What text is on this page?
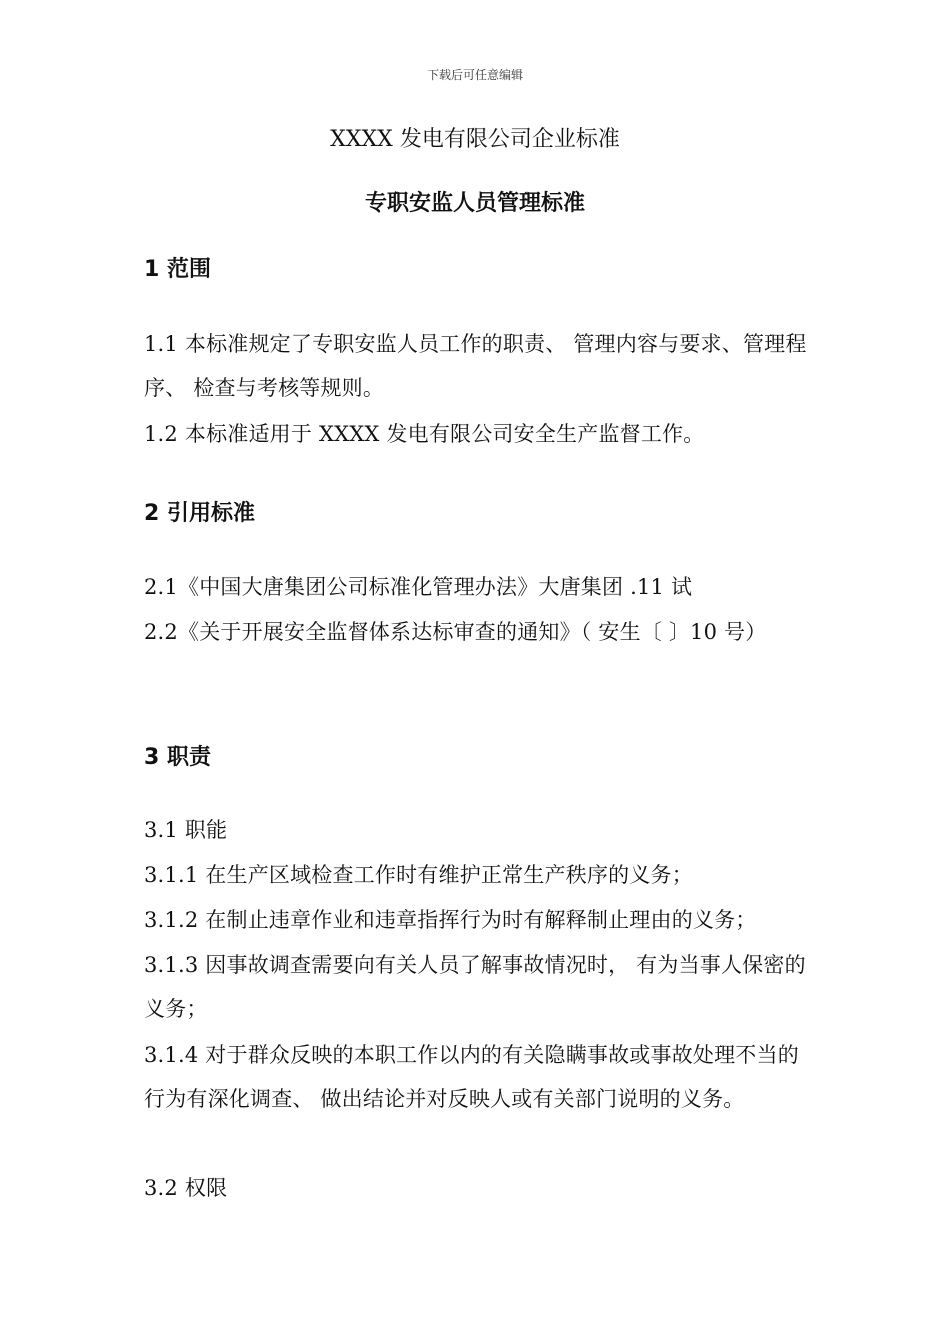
下载后可任意编辑
XXXX 发电有限公司企业标准
专职安监人员管理标准
1 范围
1.1 本标准规定了专职安监人员工作的职责、 管理内容与要求、管理程序、 检查与考核等规则。
1.2 本标准适用于 XXXX 发电有限公司安全生产监督工作。
2 引用标准
2.1《中国大唐集团公司标准化管理办法》大唐集团 .11 试
2.2《关于开展安全监督体系达标审查的通知》（ 安生〔 〕10 号）
3 职责
3.1 职能
3.1.1 在生产区域检查工作时有维护正常生产秩序的义务；
3.1.2 在制止违章作业和违章指挥行为时有解释制止理由的义务；
3.1.3 因事故调查需要向有关人员了解事故情况时， 有为当事人保密的义务；
3.1.4 对于群众反映的本职工作以内的有关隐瞒事故或事故处理不当的行为有深化调查、 做出结论并对反映人或有关部门说明的义务。
3.2 权限
